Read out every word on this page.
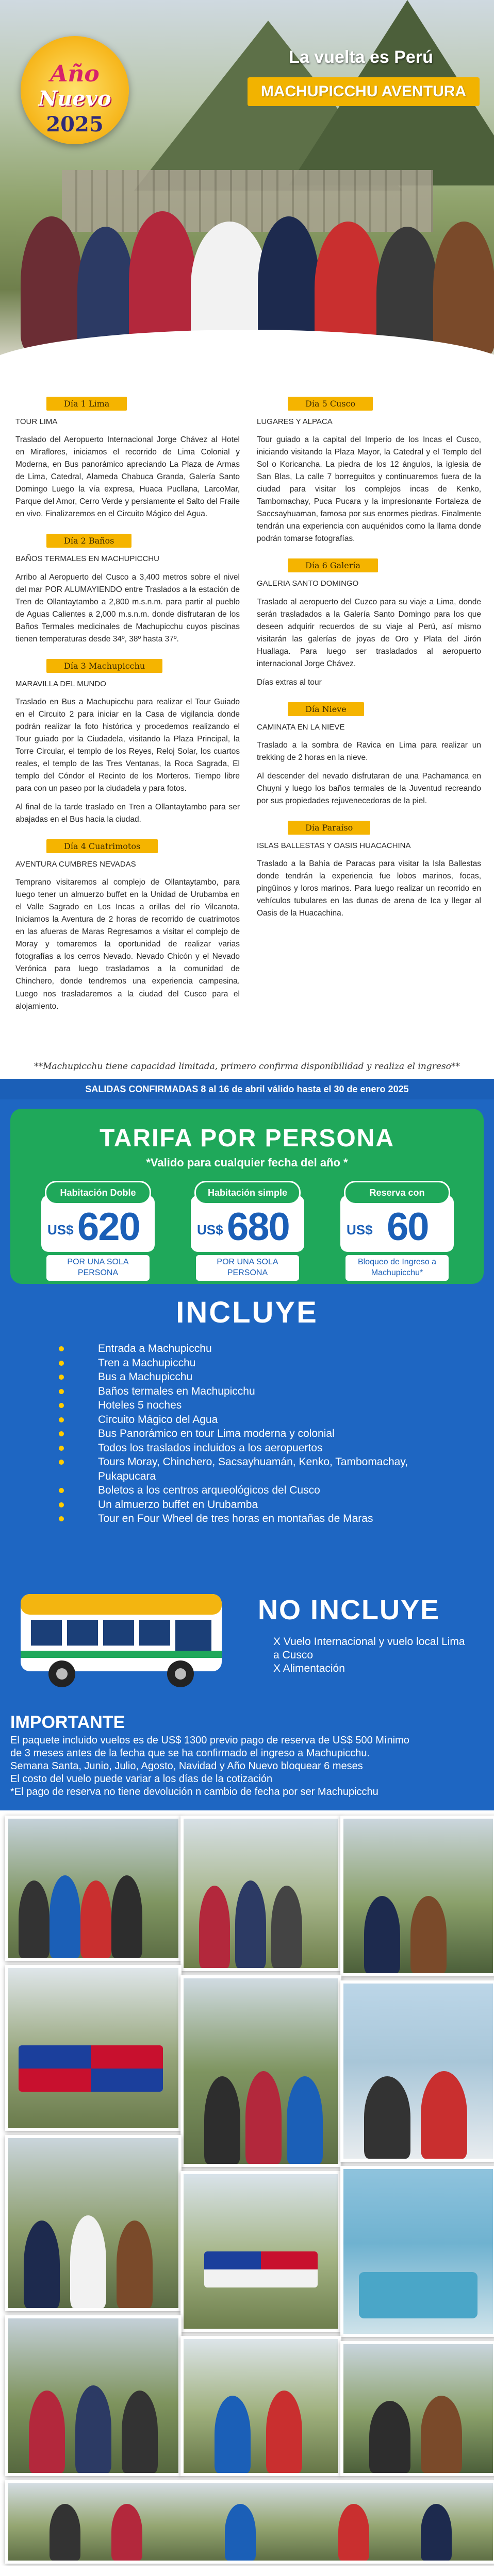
Año
Nuevo
2025
La vuelta es Perú
MACHUPICCHU AVENTURA
Día 1 Lima

TOUR LIMA

Traslado del Aeropuerto Internacional Jorge Chávez al Hotel en Miraflores, iniciamos el recorrido de Lima Colonial y Moderna, en Bus panorámico apreciando La Plaza de Armas de Lima, Catedral, Alameda Chabuca Granda, Galería Santo Domingo Luego la vía expresa, Huaca Pucllana, LarcoMar, Parque del Amor, Cerro Verde y persiamente el Salto del Fraile en vivo. Finalizaremos en el Circuito Mágico del Agua.

Día 2 Baños

BAÑOS TERMALES EN MACHUPICCHU

Arribo al Aeropuerto del Cusco a 3,400 metros sobre el nivel del mar POR ALUMAYIENDO entre Traslados a la estación de Tren de Ollantaytambo a 2,800 m.s.n.m. para partir al pueblo de Aguas Calientes a 2,000 m.s.n.m. donde disfrutaran de los Baños Termales medicinales de Machupicchu cuyos piscinas tienen temperaturas desde 34º, 38º hasta 37º.

Día 3 Machupicchu

MARAVILLA DEL MUNDO

Traslado en Bus a Machupicchu para realizar el Tour Guiado en el Circuito 2 para iniciar en la Casa de vigilancia donde podrán realizar la foto histórica y procedemos realizando el Tour guiado por la Ciudadela, visitando la Plaza Principal, la Torre Circular, el templo de los Reyes, Reloj Solar, los cuartos reales, el templo de las Tres Ventanas, la Roca Sagrada, El templo del Cóndor el Recinto de los Morteros. Tiempo libre para con un paseo por la ciudadela y para fotos.

Al final de la tarde traslado en Tren a Ollantaytambo para ser abajadas en el Bus hacia la ciudad.

Día 4 Cuatrimotos

AVENTURA CUMBRES NEVADAS

Temprano visitaremos al complejo de Ollantaytambo, para luego tener un almuerzo buffet en la Unidad de Urubamba en el Valle Sagrado en Los Incas a orillas del río Vilcanota. Iniciamos la Aventura de 2 horas de recorrido de cuatrimotos en las afueras de Maras Regresamos a visitar el complejo de Moray y tomaremos la oportunidad de realizar varias fotografías a los cerros Nevado. Nevado Chicón y el Nevado Verónica para luego trasladamos a la comunidad de Chinchero, donde tendremos una experiencia campesina. Luego nos trasladaremos a la ciudad del Cusco para el alojamiento.

Día 5 Cusco

LUGARES Y ALPACA

Tour guiado a la capital del Imperio de los Incas el Cusco, iniciando visitando la Plaza Mayor, la Catedral y el Templo del Sol o Koricancha. La piedra de los 12 ángulos, la iglesia de San Blas, La calle 7 borreguitos y continuaremos fuera de la ciudad para visitar los complejos incas de Kenko, Tambomachay, Puca Pucara y la impresionante Fortaleza de Saccsayhuaman, famosa por sus enormes piedras. Finalmente tendrán una experiencia con auquénidos como la llama donde podrán tomarse fotografías.

Día 6 Galería

GALERIA SANTO DOMINGO

Traslado al aeropuerto del Cuzco para su viaje a Lima, donde serán trasladados a la Galería Santo Domingo para los que deseen adquirir recuerdos de su viaje al Perú, así mismo visitarán las galerías de joyas de Oro y Plata del Jirón Huallaga. Para luego ser trasladados al aeropuerto internacional Jorge Chávez.

Días extras al tour

Día Nieve

CAMINATA EN LA NIEVE

Traslado a la sombra de Ravica en Lima para realizar un trekking de 2 horas en la nieve.

Al descender del nevado disfrutaran de una Pachamanca en Chuyni y luego los baños termales de la Juventud recreando por sus propiedades rejuvenecedoras de la piel.

Día Paraíso

ISLAS BALLESTAS Y OASIS HUACACHINA

Traslado a la Bahía de Paracas para visitar la Isla Ballestas donde tendrán la experiencia fue lobos marinos, focas, pingüinos y loros marinos. Para luego realizar un recorrido en vehículos tubulares en las dunas de arena de Ica y llegar al Oasis de la Huacachina.

**Machupicchu tiene capacidad limitada, primero confirma disponibilidad y realiza el ingreso**
SALIDAS CONFIRMADAS 8 al 16 de abril válido hasta el 30 de enero 2025
TARIFA POR PERSONA
*Valido para cualquier fecha del año *
Habitación Doble
US$ 620
POR UNA SOLA PERSONA
Habitación simple
US$ 680
POR UNA SOLA PERSONA
Reserva con
US$ 60
Bloqueo de Ingreso a Machupicchu*
INCLUYE
Entrada a Machupicchu
Tren a Machupicchu
Bus a Machupicchu
Baños termales en Machupicchu
Hoteles 5 noches
Circuito Mágico del Agua
Bus Panorámico en tour Lima moderna y colonial
Todos los traslados incluidos a los aeropuertos
Tours Moray, Chinchero, Sacsayhuamán, Kenko, Tambomachay, Pukapucara
Boletos a los centros arqueológicos del Cusco
Un almuerzo buffet en Urubamba
Tour en Four Wheel de tres horas en montañas de Maras
NO INCLUYE
X Vuelo Internacional y vuelo local Lima a Cusco
X Alimentación
IMPORTANTE
El paquete incluido vuelos es de US$ 1300 previo pago de reserva de US$ 500 Mínimo de 3 meses antes de la fecha que se ha confirmado el ingreso a Machupicchu.
Semana Santa, Junio, Julio, Agosto, Navidad y Año Nuevo bloquear 6 meses
El costo del vuelo puede variar a los días de la cotización
*El pago de reserva no tiene devolución n cambio de fecha por ser Machupicchu
